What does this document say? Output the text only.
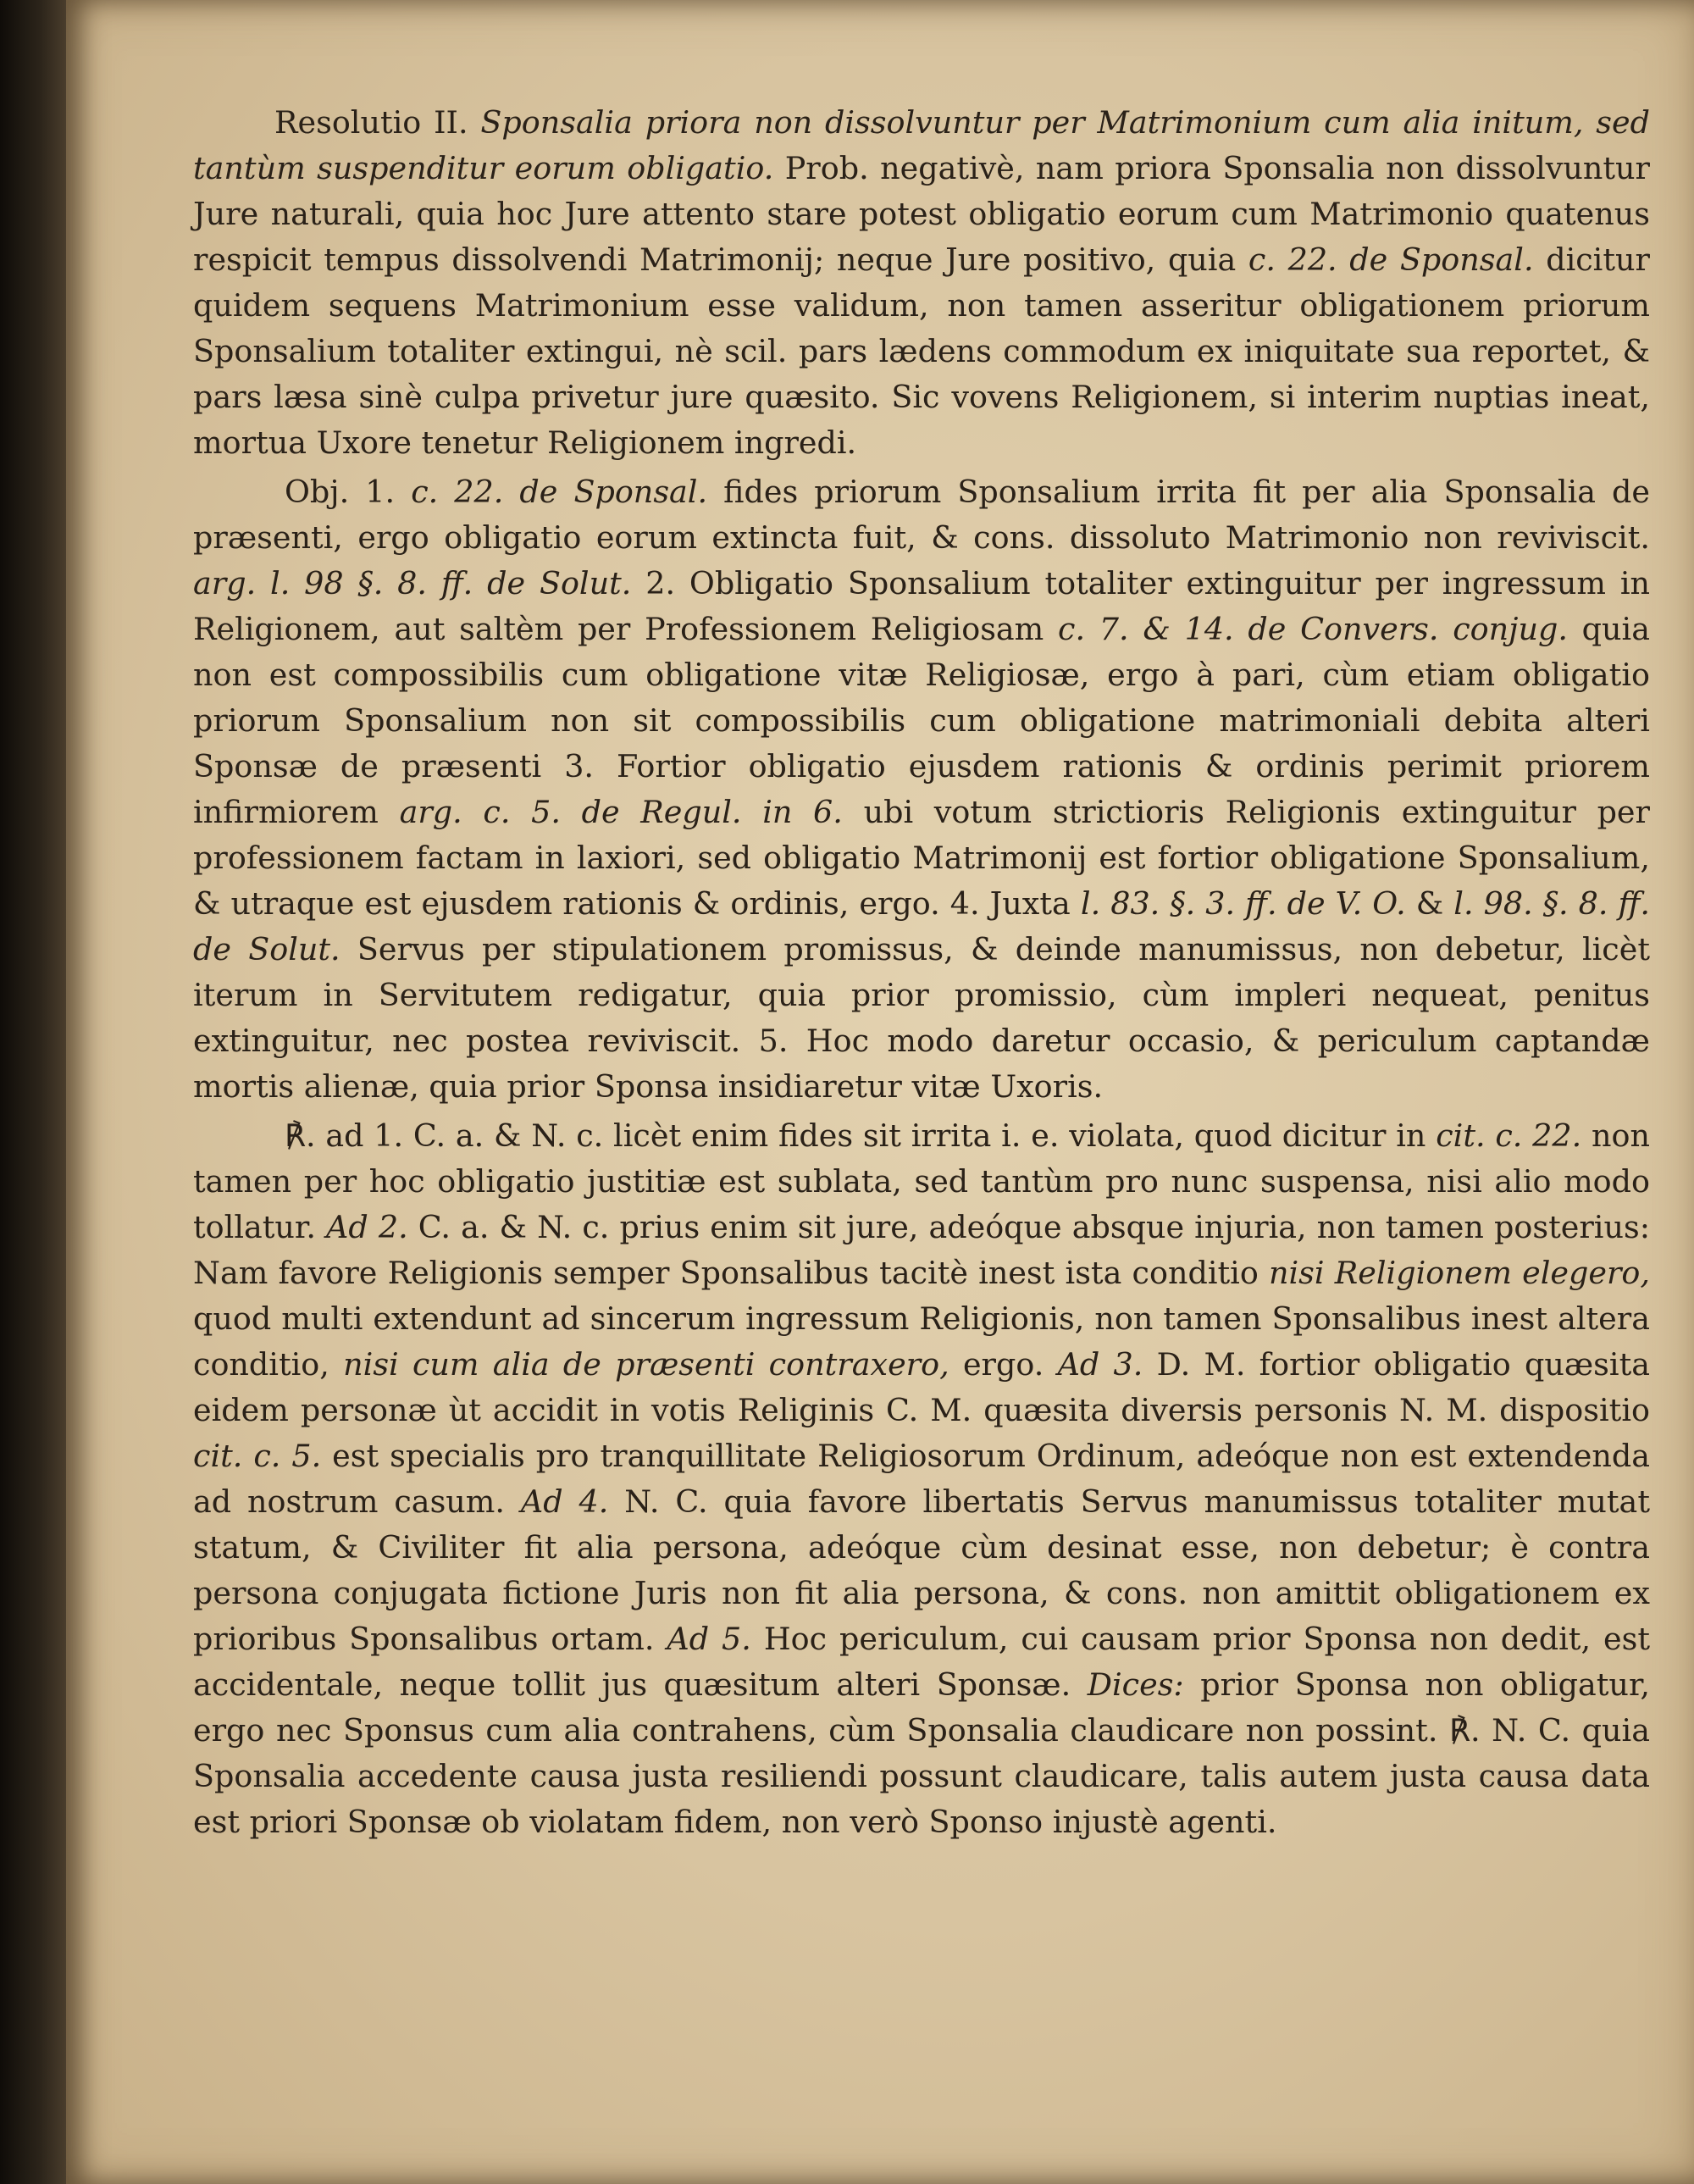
Resolutio II. Sponsalia priora non dissolvuntur per Matrimonium cum alia initum, sed tantùm suspenditur eorum obligatio. Prob. negativè, nam priora Sponsalia non dissolvuntur Jure naturali, quia hoc Jure attento stare potest obligatio eorum cum Matrimonio quatenus respicit tempus dissolvendi Matrimonij; neque Jure positivo, quia c. 22. de Sponsal. dicitur quidem sequens Matrimonium esse validum, non tamen asseritur obligationem priorum Sponsalium totaliter extingui, nè scil. pars lædens commodum ex iniquitate sua reportet, & pars læsa sinè culpa privetur jure quæsito. Sic vovens Religionem, si interim nuptias ineat, mortua Uxore tenetur Religionem ingredi.

Obj. 1. c. 22. de Sponsal. fides priorum Sponsalium irrita fit per alia Sponsalia de præsenti, ergo obligatio eorum extincta fuit, & cons. dissoluto Matrimonio non reviviscit. arg. l. 98 §. 8. ff. de Solut. 2. Obligatio Sponsalium totaliter extinguitur per ingressum in Religionem, aut saltèm per Professionem Religiosam c. 7. & 14. de Convers. conjug. quia non est compossibilis cum obligatione vitæ Religiosæ, ergo à pari, cùm etiam obligatio priorum Sponsalium non sit compossibilis cum obligatione matrimoniali debita alteri Sponsæ de præsenti 3. Fortior obligatio ejusdem rationis & ordinis perimit priorem infirmiorem arg. c. 5. de Regul. in 6. ubi votum strictioris Religionis extinguitur per professionem factam in laxiori, sed obligatio Matrimonij est fortior obligatione Sponsalium, & utraque est ejusdem rationis & ordinis, ergo. 4. Juxta l. 83. §. 3. ff. de V. O. & l. 98. §. 8. ff. de Solut. Servus per stipulationem promissus, & deinde manumissus, non debetur, licèt iterum in Servitutem redigatur, quia prior promissio, cùm impleri nequeat, penitus extinguitur, nec postea reviviscit. 5. Hoc modo daretur occasio, & periculum captandæ mortis alienæ, quia prior Sponsa insidiaretur vitæ Uxoris.

℟. ad 1. C. a. & N. c. licèt enim fides sit irrita i. e. violata, quod dicitur in cit. c. 22. non tamen per hoc obligatio justitiæ est sublata, sed tantùm pro nunc suspensa, nisi alio modo tollatur. Ad 2. C. a. & N. c. prius enim sit jure, adeóque absque injuria, non tamen posterius: Nam favore Religionis semper Sponsalibus tacitè inest ista conditio nisi Religionem elegero, quod multi extendunt ad sincerum ingressum Religionis, non tamen Sponsalibus inest altera conditio, nisi cum alia de præsenti contraxero, ergo. Ad 3. D. M. fortior obligatio quæsita eidem personæ ùt accidit in votis Religinis C. M. quæsita diversis personis N. M. dispositio cit. c. 5. est specialis pro tranquillitate Religiosorum Ordinum, adeóque non est extendenda ad nostrum casum. Ad 4. N. C. quia favore libertatis Servus manumissus totaliter mutat statum, & Civiliter fit alia persona, adeóque cùm desinat esse, non debetur; è contra persona conjugata fictione Juris non fit alia persona, & cons. non amittit obligationem ex prioribus Sponsalibus ortam. Ad 5. Hoc periculum, cui causam prior Sponsa non dedit, est accidentale, neque tollit jus quæsitum alteri Sponsæ. Dices: prior Sponsa non obligatur, ergo nec Sponsus cum alia contrahens, cùm Sponsalia claudicare non possint. ℟. N. C. quia Sponsalia accedente causa justa resiliendi possunt claudicare, talis autem justa causa data est priori Sponsæ ob violatam fidem, non verò Sponso injustè agenti.
